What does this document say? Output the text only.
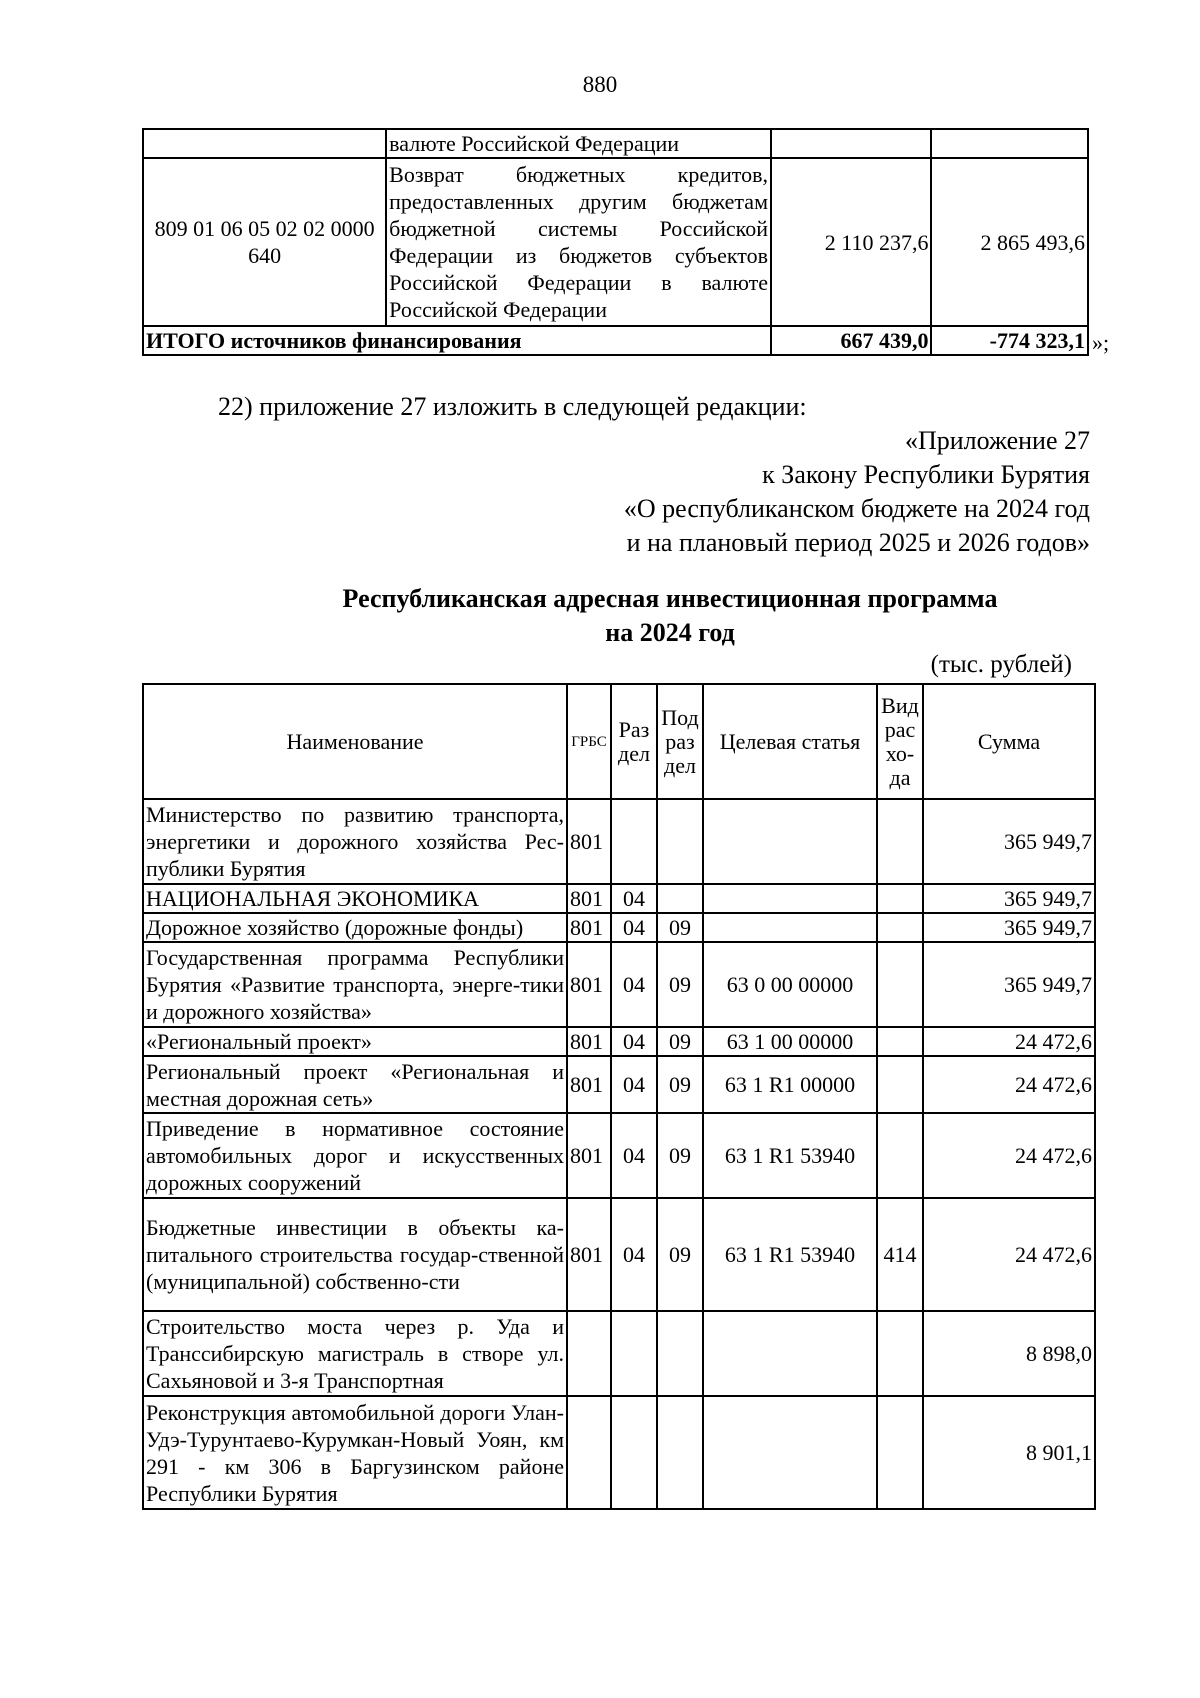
880
	валюте Российской Федерации		
809 01 06 05 02 02 0000 640	Возврат бюджетных кредитов, предоставленных другим бюджетам бюджетной системы Российской Федерации из бюджетов субъектов Российской Федерации в валюте Российской Федерации	2 110 237,6	2 865 493,6
ИТОГО источников финансирования		667 439,0	-774 323,1 »;
22) приложение 27 изложить в следующей редакции:
«Приложение 27
к Закону Республики Бурятия
«О республиканском бюджете на 2024 год
и на плановый период 2025 и 2026 годов»
Республиканская адресная инвестиционная программа
на 2024 год
(тыс. рублей)
Наименование	ГРБС	Раз дел	Под раз дел	Целевая статья	Вид рас хо- да	Сумма
Министерство по развитию транспорта, энергетики и дорожного хозяйства Рес-публики Бурятия	801					365 949,7
НАЦИОНАЛЬНАЯ ЭКОНОМИКА	801	04				365 949,7
Дорожное хозяйство (дорожные фонды)	801	04	09			365 949,7
Государственная программа Республики Бурятия «Развитие транспорта, энерге-тики и дорожного хозяйства»	801	04	09	63 0 00 00000		365 949,7
«Региональный проект»	801	04	09	63 1 00 00000		24 472,6
Региональный проект «Региональная и местная дорожная сеть»	801	04	09	63 1 R1 00000		24 472,6
Приведение в нормативное состояние автомобильных дорог и искусственных дорожных сооружений	801	04	09	63 1 R1 53940		24 472,6
Бюджетные инвестиции в объекты ка-питального строительства государ-ственной (муниципальной) собственно-сти	801	04	09	63 1 R1 53940	414	24 472,6
Строительство моста через р. Уда и Транссибирскую магистраль в створе ул. Сахьяновой и 3-я Транспортная						8 898,0
Реконструкция автомобильной дороги Улан-Удэ-Турунтаево-Курумкан-Новый Уоян, км 291 - км 306 в Баргузинском районе Республики Бурятия						8 901,1
